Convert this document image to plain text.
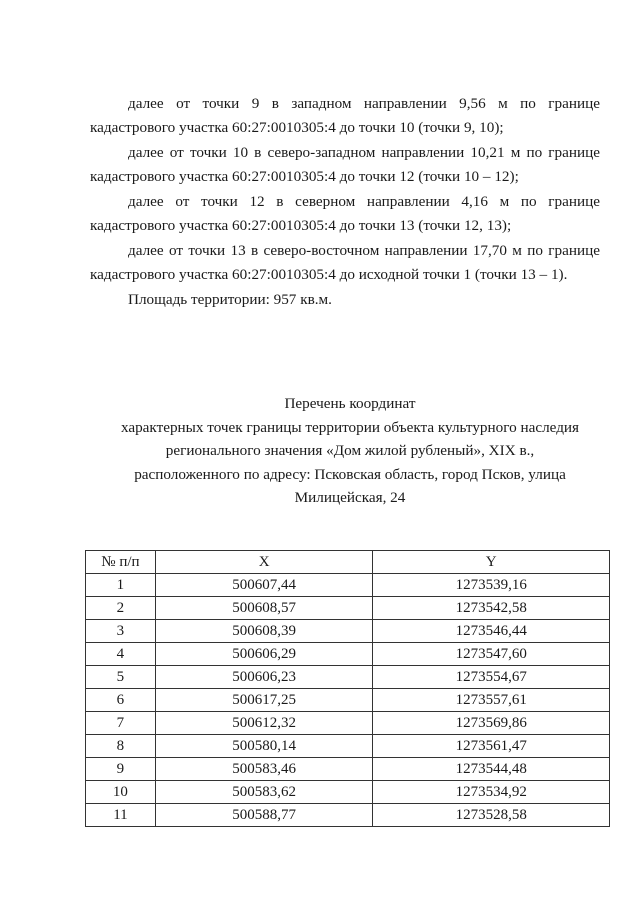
далее от точки 9 в западном направлении 9,56 м по границе кадастрового участка 60:27:0010305:4 до точки 10 (точки 9, 10);

далее от точки 10 в северо-западном направлении 10,21 м по границе кадастрового участка 60:27:0010305:4 до точки 12 (точки 10 – 12);

далее от точки 12 в северном направлении 4,16 м по границе кадастрового участка 60:27:0010305:4 до точки 13 (точки 12, 13);

далее от точки 13 в северо-восточном направлении 17,70 м по границе кадастрового участка 60:27:0010305:4 до исходной точки 1 (точки 13 – 1).

Площадь территории: 957 кв.м.

Перечень координат
характерных точек границы территории объекта культурного наследия
регионального значения «Дом жилой рубленый», XIX в.,
расположенного по адресу: Псковская область, город Псков, улица
Милицейская, 24
№ п/п	X	Y
1	500607,44	1273539,16
2	500608,57	1273542,58
3	500608,39	1273546,44
4	500606,29	1273547,60
5	500606,23	1273554,67
6	500617,25	1273557,61
7	500612,32	1273569,86
8	500580,14	1273561,47
9	500583,46	1273544,48
10	500583,62	1273534,92
11	500588,77	1273528,58
